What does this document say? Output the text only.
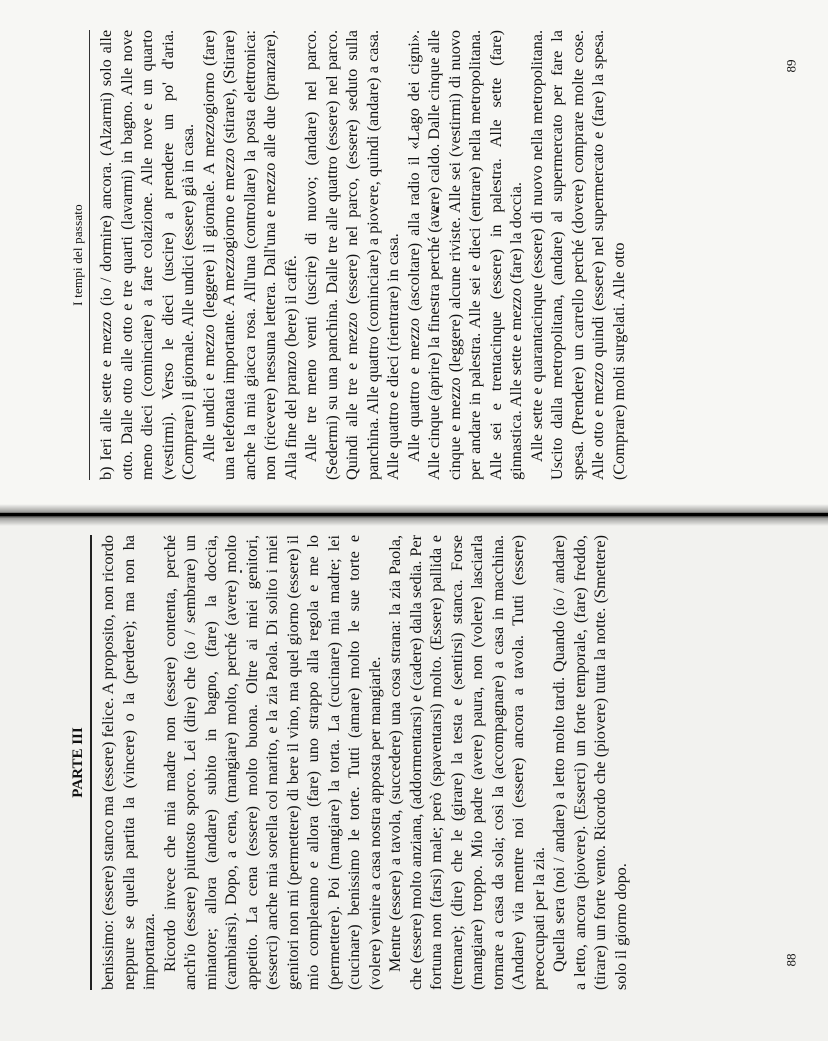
I tempi del passato b) Ieri alle sette e mezzo (io / dormire) ancora. (Alzarmi) solo alle otto. Dalle otto alle otto e tre quarti (lavarmi) in bagno. Alle nove meno dieci (cominciare) a fare colazione. Alle nove e un quarto (vestirmi). Verso le dieci (uscire) a prendere un po' d'aria. (Comprare) il giornale. Alle undici (essere) già in casa. Alle undici e mezzo (leggere) il giornale. A mezzogiorno (fare) una telefonata importante. A mezzogiorno e mezzo (stirare), (Stirare) anche la mia giacca rosa. All'una (controllare) la posta elettronica: non (ricevere) nessuna lettera. Dall'una e mezzo alle due (pranzare). Alla fine del pranzo (bere) il caffè. Alle tre meno venti (uscire) di nuovo; (andare) nel parco. (Sedermi) su una panchina. Dalle tre alle quattro (essere) nel parco. Quindi alle tre e mezzo (essere) nel parco, (essere) seduto sulla panchina. Alle quattro (cominciare) a piovere, quindi (andare) a casa. Alle quattro e dieci (rientrare) in casa. Alle quattro e mezzo (ascoltare) alla radio il «Lago dei cigni». Alle cinque (aprire) la finestra perché (avere) caldo. Dalle cinque alle cinque e mezzo (leggere) alcune riviste. Alle sei (vestirmi) di nuovo per andare in palestra. Alle sei e dieci (entrare) nella metropolitana. Alle sei e trentacinque (essere) in palestra. Alle sette (fare) ginnastica. Alle sette e mezzo (fare) la doccia. Alle sette e quarantacinque (essere) di nuovo nella metropolitana. Uscito dalla metropolitana, (andare) al supermercato per fare la spesa. (Prendere) un carrello perché (dovere) comprare molte cose. Alle otto e mezzo quindi (essere) nel supermercato e (fare) la spesa. (Comprare) molti surgelati. Alle otto

89
PARTE III benissimo: (essere) stanco ma (essere) felice. A proposito, non ricordo neppure se quella partita la (vincere) o la (perdere); ma non ha importanza. Ricordo invece che mia madre non (essere) contenta, perché anch'io (essere) piuttosto sporco. Lei (dire) che (io / sembrare) un minatore; allora (andare) subito in bagno, (fare) la doccia, (cambiarsi). Dopo, a cena, (mangiare) molto, perché (avere) molto appetito. La cena (essere) molto buona. Oltre ai miei genitori, (esserci) anche mia sorella col marito, e la zia Paola. Di solito i miei genitori non mi (permettere) di bere il vino, ma quel giorno (essere) il mio compleanno e allora (fare) uno strappo alla regola e me lo (permettere). Poi (mangiare) la torta. La (cucinare) mia madre; lei (cucinare) benissimo le torte. Tutti (amare) molto le sue torte e (volere) venire a casa nostra apposta per mangiarle. Mentre (essere) a tavola, (succedere) una cosa strana: la zia Paola, che (essere) molto anziana, (addormentarsi) e (cadere) dalla sedia. Per fortuna non (farsi) male; però (spaventarsi) molto. (Essere) pallida e (tremare); (dire) che le (girare) la testa e (sentirsi) stanca. Forse (mangiare) troppo. Mio padre (avere) paura, non (volere) lasciarla tornare a casa da sola; così la (accompagnare) a casa in macchina. (Andare) via mentre noi (essere) ancora a tavola. Tutti (essere) preoccupati per la zia. Quella sera (noi / andare) a letto molto tardi. Quando (io / andare) a letto, ancora (piovere). (Esserci) un forte temporale, (fare) freddo, (tirare) un forte vento. Ricordo che (piovere) tutta la notte. (Smettere) solo il giorno dopo.	88
